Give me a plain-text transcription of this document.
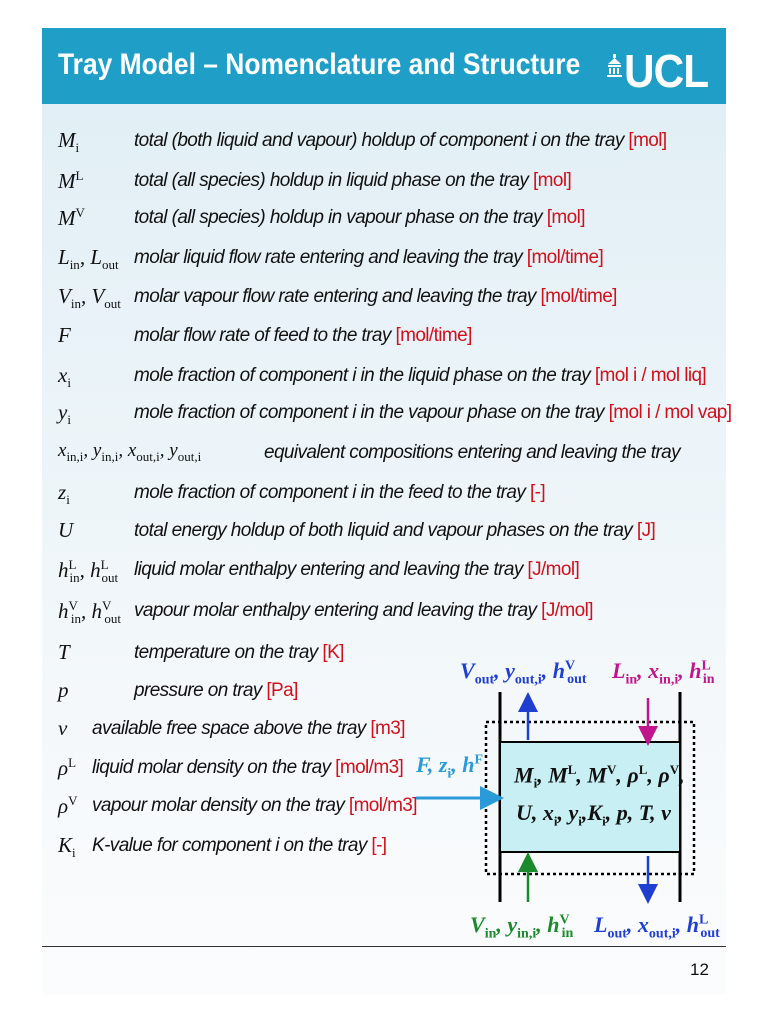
Tray Model – Nomenclature and Structure UCL
$M_i$	total (both liquid and vapour) holdup of component i on the tray [mol]
$M^L$	total (all species) holdup in liquid phase on the tray [mol]
$M^V$	total (all species) holdup in vapour phase on the tray [mol]
$L_{in}$, $L_{out}$ molar liquid flow rate entering and leaving the tray [mol/time]
$V_{in}$, $V_{out}$ molar vapour flow rate entering and leaving the tray [mol/time]
F	molar flow rate of feed to the tray [mol/time]
$x_i$	mole fraction of component i in the liquid phase on the tray [mol i / mol liq]
$y_i$	mole fraction of component i in the vapour phase on the tray [mol i / mol vap]
$x_{in,i}$, $y_{in,i}$, $x_{out,i}$, $y_{out,i}$	equivalent compositions entering and leaving the tray
$z_i$	mole fraction of component i in the feed to the tray [-]
U	total energy holdup of both liquid and vapour phases on the tray [J]
$h^L_{in}$, $h^L_{out}$ liquid molar enthalpy entering and leaving the tray [J/mol]
$h^V_{in}$, $h^V_{out}$ vapour molar enthalpy entering and leaving the tray [J/mol]
T	temperature on the tray [K]
p	pressure on tray [Pa]
v available free space above the tray [m3]
$\rho^L$ liquid molar density on the tray [mol/m3]
$\rho^V$ vapour molar density on the tray [mol/m3]
$K_i$ K-value for component i on the tray [-]
$V_{out}$, $y_{out,i}$, $h^V_{out}$ $L_{in}$, $x_{in,i}$, $h^L_{in}$
F, $z_i$, $h^F$
$M_i$, $M^L$, $M^V$, $\rho^L$, $\rho^V$,
U, $x_i$, $y_i,K_i$, p, T, v
$V_{in}$, $y_{in,i}$, $h^V_{in}$ $L_{out}$, $x_{out,i}$, $h^L_{out}$
12
